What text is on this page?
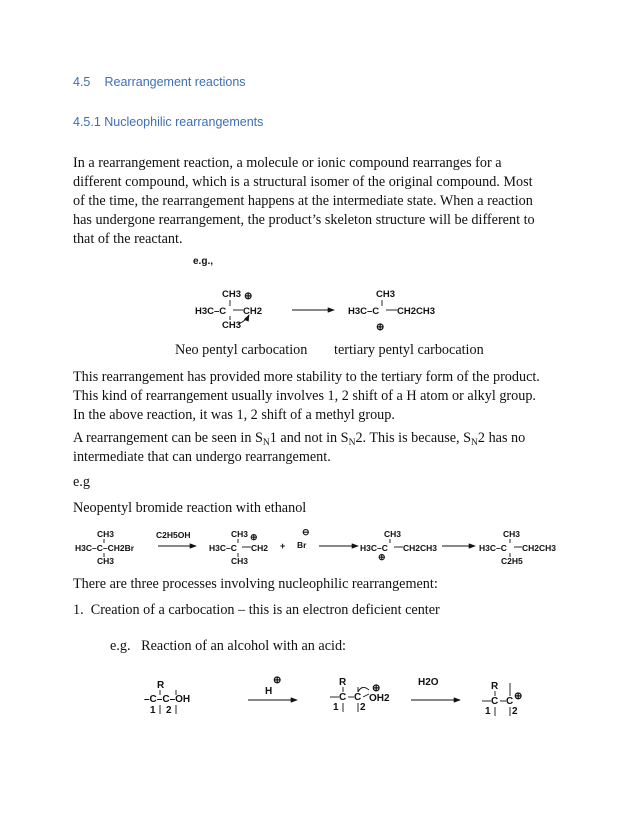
4.5 Rearrangement reactions
4.5.1 Nucleophilic rearrangements

In a rearrangement reaction, a molecule or ionic compound rearranges for a
different compound, which is a structural isomer of the original compound. Most
of the time, the rearrangement happens at the intermediate state. When a reaction
has undergone rearrangement, the product’s skeleton structure will be different to
that of the reactant.

e.g.,
CH3 ⊕
H3C–C CH2
CH3
CH3
H3C–C CH2CH3
⊕
CH3
H3C–C–CH2Br
CH3
C2H5OH	CH3 ⊕
H3C–C CH2
CH3
+ Br
⊖	CH3
H3C–C CH2CH3
⊕
CH3
H3C–C CH2CH3
C2H5
R
–C–C–OH
1 2
⊕
H
R
C C
⊕
OH2
1 2
H2O	R
C C ⊕
1 2
Neo pentyl carbocation tertiary pentyl carbocation

This rearrangement has provided more stability to the tertiary form of the product.
This kind of rearrangement usually involves 1, 2 shift of a H atom or alkyl group.
In the above reaction, it was 1, 2 shift of a methyl group.

A rearrangement can be seen in $S_N1$ and not in $S_N2$. This is because, $S_N2$ has no
intermediate that can undergo rearrangement.

e.g

Neopentyl bromide reaction with ethanol

There are three processes involving nucleophilic rearrangement:

1. Creation of a carbocation – this is an electron deficient center

e.g. Reaction of an alcohol with an acid:
